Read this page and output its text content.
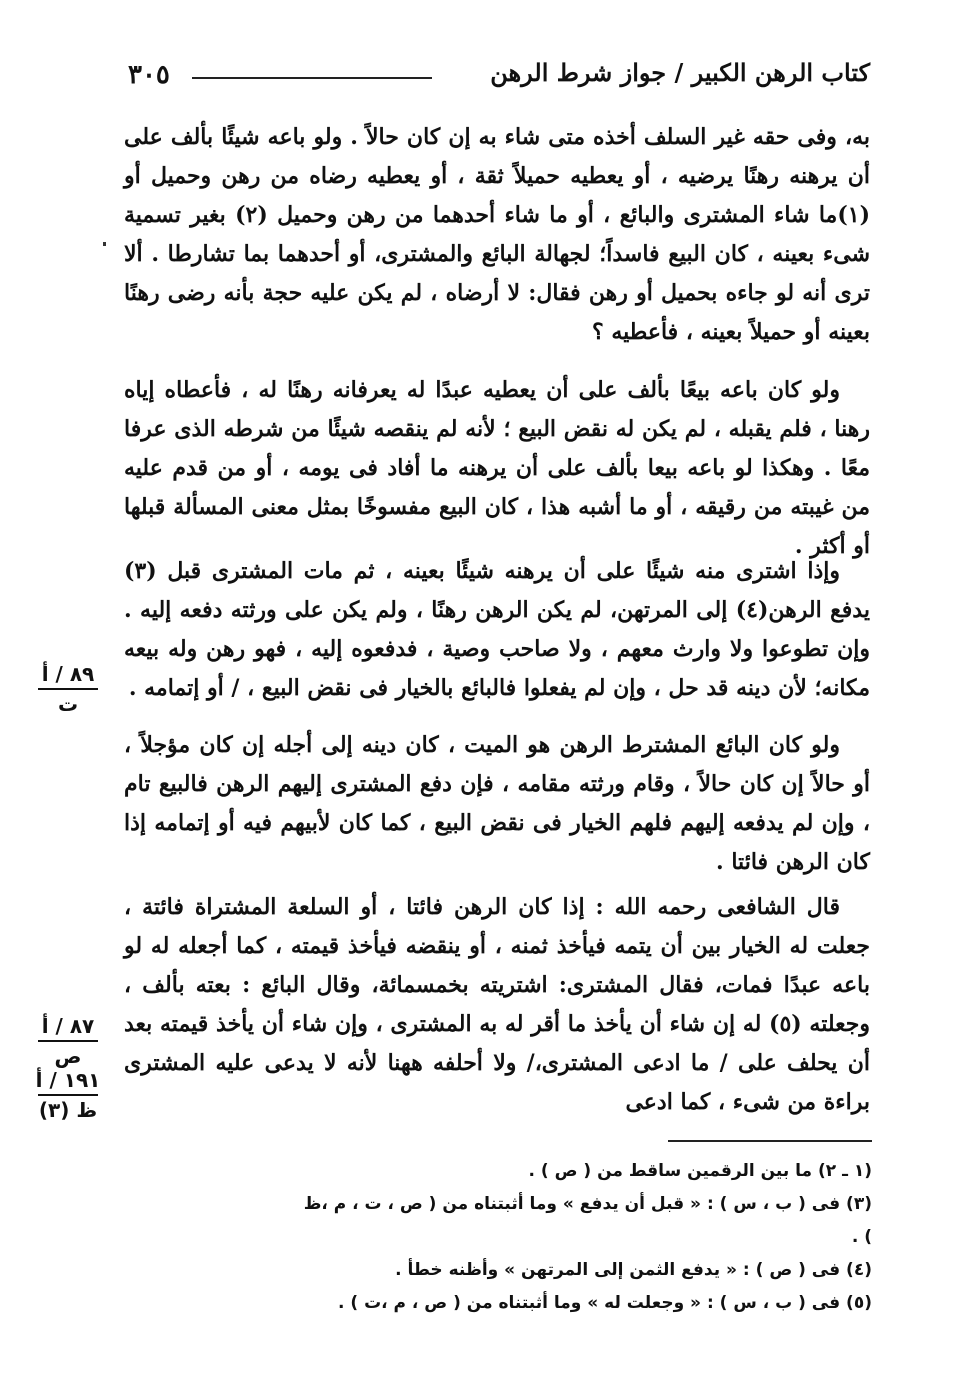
٣٠٥	كتاب الرهن الكبير / جواز شرط الرهن

به، وفى حقه غير السلف أخذه متى شاء به إن كان حالاً . ولو باعه شيئًا بألف على أن يرهنه رهنًا يرضيه ، أو يعطيه حميلاً ثقة ، أو يعطيه رضاه من رهن وحميل أو (١)ما شاء المشترى والبائع ، أو ما شاء أحدهما من رهن وحميل (٢) بغير تسمية شىء بعينه ، كان البيع فاسداً؛ لجهالة البائع والمشترى، أو أحدهما بما تشارطا . ألا ترى أنه لو جاءه بحميل أو رهن فقال: لا أرضاه ، لم يكن عليه حجة بأنه رضى رهنًا بعينه أو حميلاً بعينه ، فأعطيه ؟

ولو كان باعه بيعًا بألف على أن يعطيه عبدًا له يعرفانه رهنًا له ، فأعطاه إياه رهنا ، فلم يقبله ، لم يكن له نقض البيع ؛ لأنه لم ينقصه شيئًا من شرطه الذى عرفا معًا . وهكذا لو باعه بيعا بألف على أن يرهنه ما أفاد فى يومه ، أو من قدم عليه من غيبته من رقيقه ، أو ما أشبه هذا ، كان البيع مفسوخًا بمثل معنى المسألة قبلها أو أكثر .

وإذا اشترى منه شيئًا على أن يرهنه شيئًا بعينه ، ثم مات المشترى قبل (٣) يدفع الرهن(٤) إلى المرتهن، لم يكن الرهن رهنًا ، ولم يكن على ورثته دفعه إليه . وإن تطوعوا ولا وارث معهم ، ولا صاحب وصية ، فدفعوه إليه ، فهو رهن وله بيعه مكانه؛ لأن دينه قد حل ، وإن لم يفعلوا فالبائع بالخيار فى نقض البيع ، / أو إتمامه .

ولو كان البائع المشترط الرهن هو الميت ، كان دينه إلى أجله إن كان مؤجلاً ، أو حالاً إن كان حالاً ، وقام ورثته مقامه ، فإن دفع المشترى إليهم الرهن فالبيع تام ، وإن لم يدفعه إليهم فلهم الخيار فى نقض البيع ، كما كان لأبيهم فيه أو إتمامه إذا كان الرهن فائتا .

قال الشافعى رحمه الله : إذا كان الرهن فائتا ، أو السلعة المشتراة فائتة ، جعلت له الخيار بين أن يتمه فيأخذ ثمنه ، أو ينقضه فيأخذ قيمته ، كما أجعله له لو باعه عبدًا فمات، فقال المشترى: اشتريته بخمسمائة، وقال البائع : بعته بألف ، وجعلته (٥) له إن شاء أن يأخذ ما أقر له به المشترى ، وإن شاء أن يأخذ قيمته بعد أن يحلف على / ما ادعى المشترى،/ ولا أحلفه ههنا لأنه لا يدعى عليه المشترى براءة من شىء ، كما ادعى

٨٩ / أ
ت
٨٧ / أ
ص
١٩١ / أ
ظ (٣)

(١ ـ ٢) ما بين الرقمين ساقط من ( ص ) .

(٣) فى ( ب ، س ) : « قبل أن يدفع » وما أثبتناه من ( ص ، ت ، م ،ظ ) .

(٤) فى ( ص ) : « يدفع الثمن إلى المرتهن » وأظنه خطأ .

(٥) فى ( ب ، س ) : « وجعلت له » وما أثبتناه من ( ص ، م ،ت ) .
